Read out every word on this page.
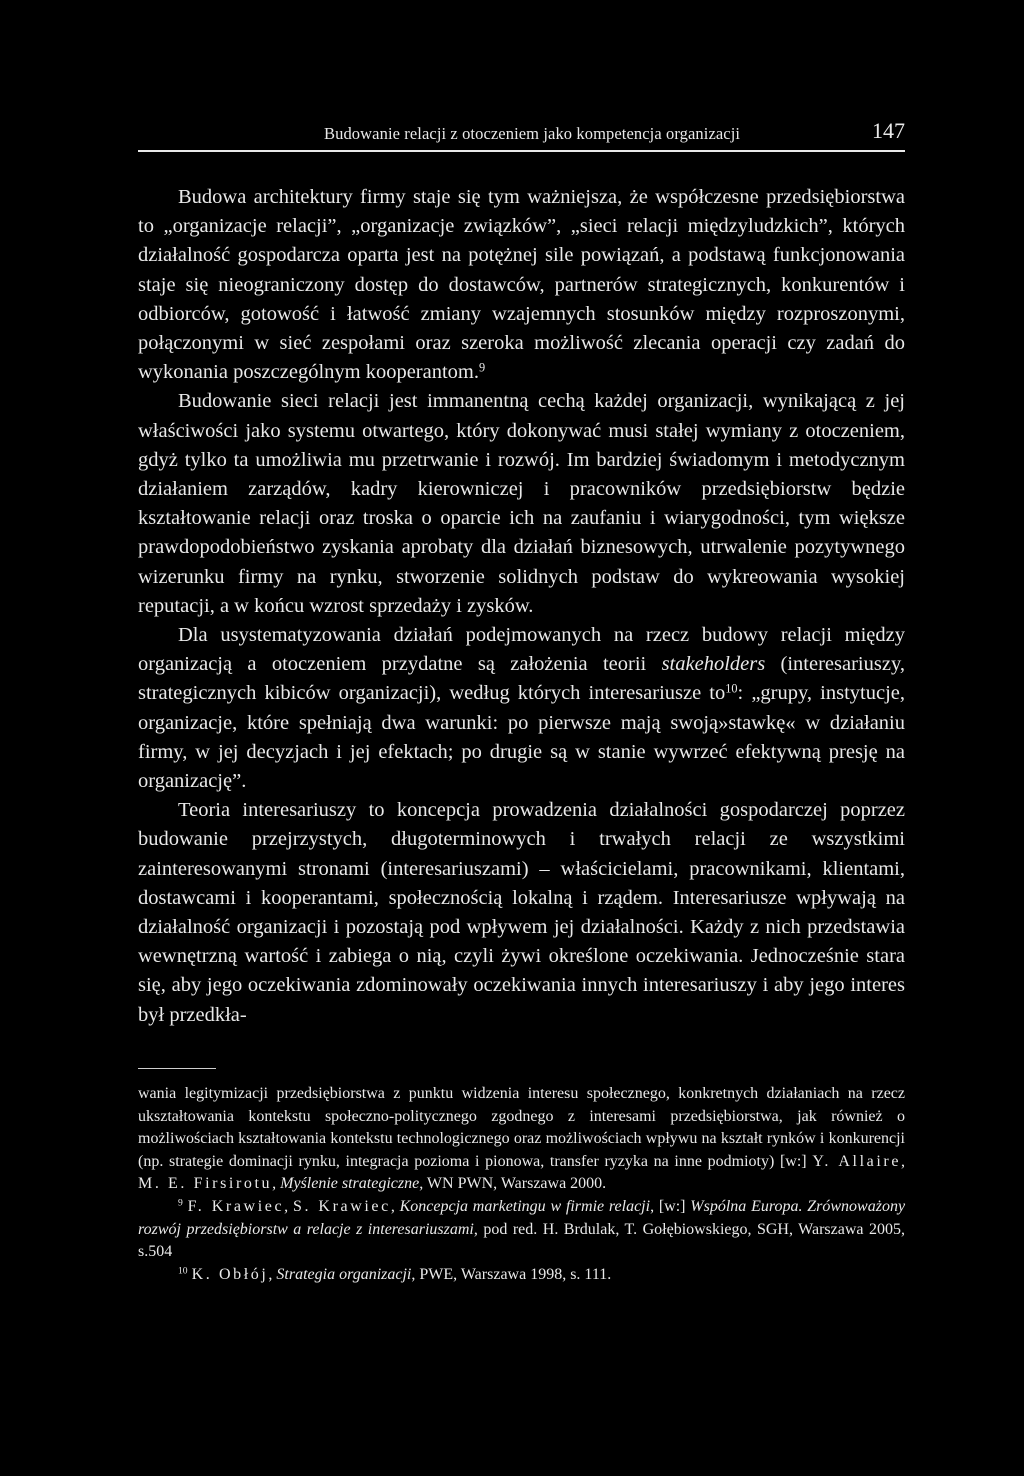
Budowanie relacji z otoczeniem jako kompetencja organizacji	147

Budowa architektury firmy staje się tym ważniejsza, że współczesne przedsiębiorstwa to „organizacje relacji”, „organizacje związków”, „sieci relacji międzyludzkich”, których działalność gospodarcza oparta jest na potężnej sile powiązań, a podstawą funkcjonowania staje się nieograniczony dostęp do dostawców, partnerów strategicznych, konkurentów i odbiorców, gotowość i łatwość zmiany wzajemnych stosunków między rozproszonymi, połączonymi w sieć zespołami oraz szeroka możliwość zlecania operacji czy zadań do wykonania poszczególnym kooperantom.$^9$

Budowanie sieci relacji jest immanentną cechą każdej organizacji, wynikającą z jej właściwości jako systemu otwartego, który dokonywać musi stałej wymiany z otoczeniem, gdyż tylko ta umożliwia mu przetrwanie i rozwój. Im bardziej świadomym i metodycznym działaniem zarządów, kadry kierowniczej i pracowników przedsiębiorstw będzie kształtowanie relacji oraz troska o oparcie ich na zaufaniu i wiarygodności, tym większe prawdopodobieństwo zyskania aprobaty dla działań biznesowych, utrwalenie pozytywnego wizerunku firmy na rynku, stworzenie solidnych podstaw do wykreowania wysokiej reputacji, a w końcu wzrost sprzedaży i zysków.

Dla usystematyzowania działań podejmowanych na rzecz budowy relacji między organizacją a otoczeniem przydatne są założenia teorii stakeholders (interesariuszy, strategicznych kibiców organizacji), według których interesariusze $to^{10}$: „grupy, instytucje, organizacje, które spełniają dwa warunki: po pierwsze mają swoją»stawkę« w działaniu firmy, w jej decyzjach i jej efektach; po drugie są w stanie wywrzeć efektywną presję na organizację”.

Teoria interesariuszy to koncepcja prowadzenia działalności gospodarczej poprzez budowanie przejrzystych, długoterminowych i trwałych relacji ze wszystkimi zainteresowanymi stronami (interesariuszami) – właścicielami, pracownikami, klientami, dostawcami i kooperantami, społecznością lokalną i rządem. Interesariusze wpływają na działalność organizacji i pozostają pod wpływem jej działalności. Każdy z nich przedstawia wewnętrzną wartość i zabiega o nią, czyli żywi określone oczekiwania. Jednocześnie stara się, aby jego oczekiwania zdominowały oczekiwania innych interesariuszy i aby jego interes był przedkła-

wania legitymizacji przedsiębiorstwa z punktu widzenia interesu społecznego, konkretnych działaniach na rzecz ukształtowania kontekstu społeczno-politycznego zgodnego z interesami przedsiębiorstwa, jak również o możliwościach kształtowania kontekstu technologicznego oraz możliwościach wpływu na kształt rynków i konkurencji (np. strategie dominacji rynku, integracja pozioma i pionowa, transfer ryzyka na inne podmioty) [w:] Y. Allaire, M. E. Firsirotu, Myślenie strategiczne, WN PWN, Warszawa 2000.

$^9$ F. Krawiec, S. Krawiec, Koncepcja marketingu w firmie relacji, [w:] Wspólna Europa. Zrównoważony rozwój przedsiębiorstw a relacje z interesariuszami, pod red. H. Brdulak, T. Gołębiowskiego, SGH, Warszawa 2005, s.504

$^{10}$ K. Obłój, Strategia organizacji, PWE, Warszawa 1998, s. 111.
